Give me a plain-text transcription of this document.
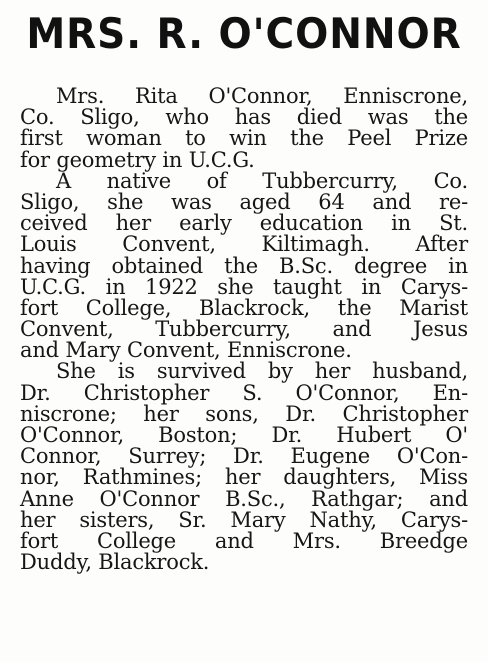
MRS. R. O'CONNOR

Mrs. Rita O'Connor, Enniscrone,
Co. Sligo, who has died was the
first woman to win the Peel Prize
for geometry in U.C.G.

A native of Tubbercurry, Co.
Sligo, she was aged 64 and re-
ceived her early education in St.
Louis Convent, Kiltimagh. After
having obtained the B.Sc. degree in
U.C.G. in 1922 she taught in Carys-
fort College, Blackrock, the Marist
Convent, Tubbercurry, and Jesus
and Mary Convent, Enniscrone.

She is survived by her husband,
Dr. Christopher S. O'Connor, En-
niscrone; her sons, Dr. Christopher
O'Connor, Boston; Dr. Hubert O'
Connor, Surrey; Dr. Eugene O'Con-
nor, Rathmines; her daughters, Miss
Anne O'Connor B.Sc., Rathgar; and
her sisters, Sr. Mary Nathy, Carys-
fort College and Mrs. Breedge
Duddy, Blackrock.
